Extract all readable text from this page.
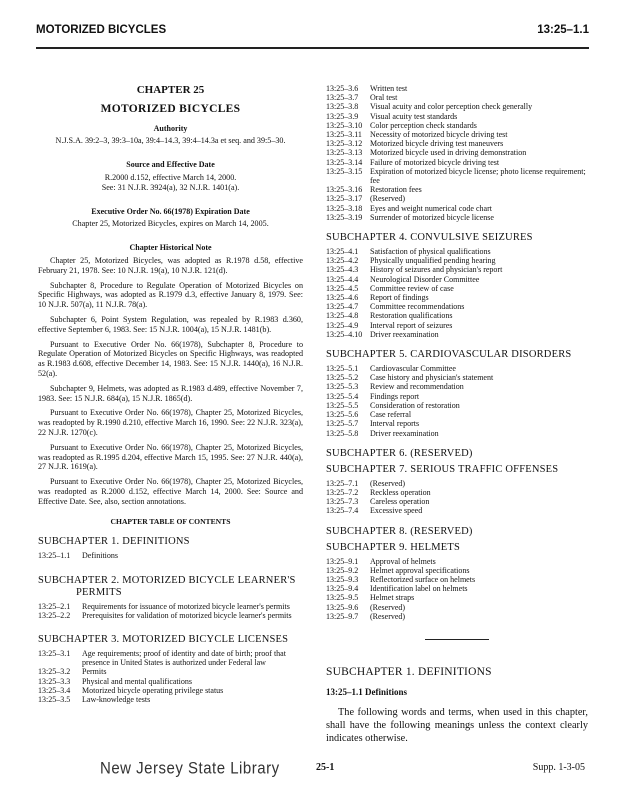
MOTORIZED BICYCLES	13:25–1.1

CHAPTER 25

MOTORIZED BICYCLES

Authority

N.J.S.A. 39:2–3, 39:3–10a, 39:4–14.3, 39:4–14.3a et seq. and 39:5–30.

Source and Effective Date

R.2000 d.152, effective March 14, 2000.

See: 31 N.J.R. 3924(a), 32 N.J.R. 1401(a).

Executive Order No. 66(1978) Expiration Date

Chapter 25, Motorized Bicycles, expires on March 14, 2005.

Chapter Historical Note

Chapter 25, Motorized Bicycles, was adopted as R.1978 d.58, effective February 21, 1978. See: 10 N.J.R. 19(a), 10 N.J.R. 121(d).

Subchapter 8, Procedure to Regulate Operation of Motorized Bicycles on Specific Highways, was adopted as R.1979 d.3, effective January 8, 1979. See: 10 N.J.R. 507(a), 11 N.J.R. 78(a).

Subchapter 6, Point System Regulation, was repealed by R.1983 d.360, effective September 6, 1983. See: 15 N.J.R. 1004(a), 15 N.J.R. 1481(b).

Pursuant to Executive Order No. 66(1978), Subchapter 8, Procedure to Regulate Operation of Motorized Bicycles on Specific Highways, was readopted as R.1983 d.608, effective December 14, 1983. See: 15 N.J.R. 1440(a), 16 N.J.R. 52(a).

Subchapter 9, Helmets, was adopted as R.1983 d.489, effective November 7, 1983. See: 15 N.J.R. 684(a), 15 N.J.R. 1865(d).

Pursuant to Executive Order No. 66(1978), Chapter 25, Motorized Bicycles, was readopted by R.1990 d.210, effective March 16, 1990. See: 22 N.J.R. 323(a), 22 N.J.R. 1270(c).

Pursuant to Executive Order No. 66(1978), Chapter 25, Motorized Bicycles, was readopted as R.1995 d.204, effective March 15, 1995. See: 27 N.J.R. 440(a), 27 N.J.R. 1619(a).

Pursuant to Executive Order No. 66(1978), Chapter 25, Motorized Bicycles, was readopted as R.2000 d.152, effective March 14, 2000. See: Source and Effective Date. See, also, section annotations.

CHAPTER TABLE OF CONTENTS

SUBCHAPTER 1. DEFINITIONS

13:25–1.1	Definitions

SUBCHAPTER 2. MOTORIZED BICYCLE LEARNER'S
PERMITS

13:25–2.1	Requirements for issuance of motorized bicycle learner's permits
13:25–2.2	Prerequisites for validation of motorized bicycle learner's permits

SUBCHAPTER 3. MOTORIZED BICYCLE LICENSES

13:25–3.1	Age requirements; proof of identity and date of birth; proof that presence in United States is authorized under Federal law
13:25–3.2	Permits
13:25–3.3	Physical and mental qualifications
13:25–3.4	Motorized bicycle operating privilege status
13:25–3.5	Law-knowledge tests
13:25–3.6	Written test
13:25–3.7	Oral test
13:25–3.8	Visual acuity and color perception check generally
13:25–3.9	Visual acuity test standards
13:25–3.10	Color perception check standards
13:25–3.11	Necessity of motorized bicycle driving test
13:25–3.12	Motorized bicycle driving test maneuvers
13:25–3.13	Motorized bicycle used in driving demonstration
13:25–3.14	Failure of motorized bicycle driving test
13:25–3.15	Expiration of motorized bicycle license; photo license requirement; fee
13:25–3.16	Restoration fees
13:25–3.17	(Reserved)
13:25–3.18	Eyes and weight numerical code chart
13:25–3.19	Surrender of motorized bicycle license

SUBCHAPTER 4. CONVULSIVE SEIZURES

13:25–4.1	Satisfaction of physical qualifications
13:25–4.2	Physically unqualified pending hearing
13:25–4.3	History of seizures and physician's report
13:25–4.4	Neurological Disorder Committee
13:25–4.5	Committee review of case
13:25–4.6	Report of findings
13:25–4.7	Committee recommendations
13:25–4.8	Restoration qualifications
13:25–4.9	Interval report of seizures
13:25–4.10	Driver reexamination

SUBCHAPTER 5. CARDIOVASCULAR DISORDERS

13:25–5.1	Cardiovascular Committee
13:25–5.2	Case history and physician's statement
13:25–5.3	Review and recommendation
13:25–5.4	Findings report
13:25–5.5	Consideration of restoration
13:25–5.6	Case referral
13:25–5.7	Interval reports
13:25–5.8	Driver reexamination

SUBCHAPTER 6. (RESERVED)

SUBCHAPTER 7. SERIOUS TRAFFIC OFFENSES

13:25–7.1	(Reserved)
13:25–7.2	Reckless operation
13:25–7.3	Careless operation
13:25–7.4	Excessive speed

SUBCHAPTER 8. (RESERVED)

SUBCHAPTER 9. HELMETS

13:25–9.1	Approval of helmets
13:25–9.2	Helmet approval specifications
13:25–9.3	Reflectorized surface on helmets
13:25–9.4	Identification label on helmets
13:25–9.5	Helmet straps
13:25–9.6	(Reserved)
13:25–9.7	(Reserved)

SUBCHAPTER 1. DEFINITIONS

13:25–1.1 Definitions

The following words and terms, when used in this chapter, shall have the following meanings unless the context clearly indicates otherwise.

New Jersey State Library	25-1	Supp. 1-3-05
